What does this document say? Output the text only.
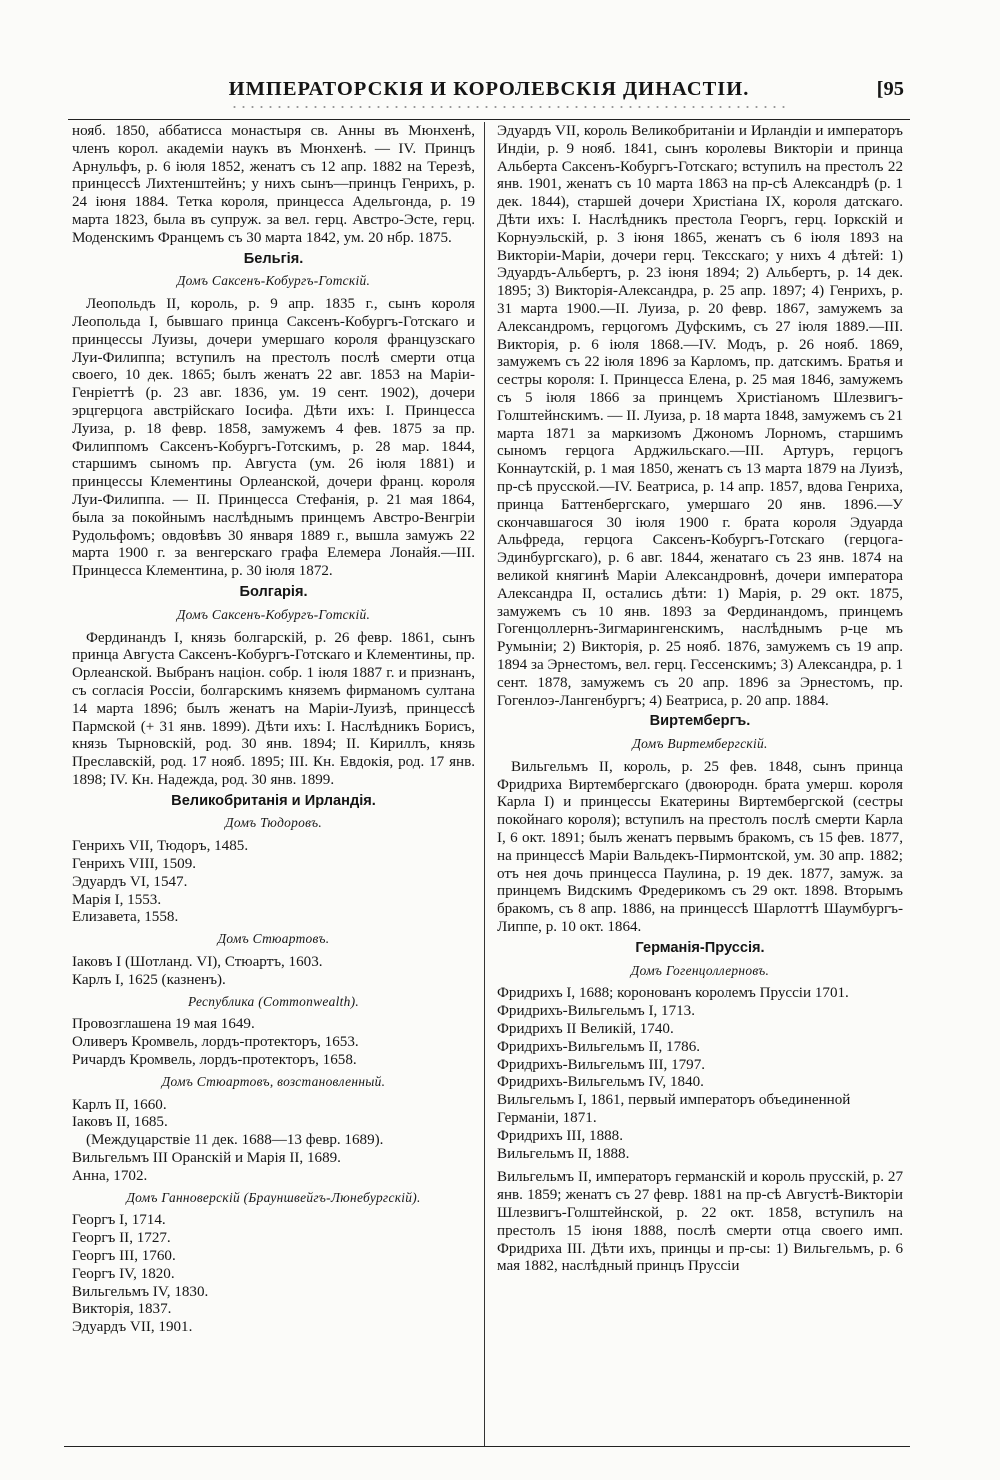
ИМПЕРАТОРСКІЯ И КОРОЛЕВСКІЯ ДИНАСТІИ.	[95

нояб. 1850, аббатисса монастыря св. Анны въ Мюнхенѣ, членъ корол. академіи наукъ въ Мюнхенѣ. — IV. Принцъ Арнульфъ, р. 6 іюля 1852, женатъ съ 12 апр. 1882 на Терезѣ, принцессѣ Лихтенштейнъ; у нихъ сынъ—принцъ Генрихъ, р. 24 іюня 1884. Тетка короля, принцесса Адельгонда, р. 19 марта 1823, была въ супруж. за вел. герц. Австро-Эсте, герц. Моденскимъ Францемъ съ 30 марта 1842, ум. 20 нбр. 1875.

Бельгія.
Домъ Саксенъ-Кобургъ-Готскій.

Леопольдъ II, король, р. 9 апр. 1835 г., сынъ короля Леопольда I, бывшаго принца Саксенъ-Кобургъ-Готскаго и принцессы Луизы, дочери умершаго короля французскаго Луи-Филиппа; вступилъ на престолъ послѣ смерти отца своего, 10 дек. 1865; былъ женатъ 22 авг. 1853 на Маріи-Генріеттѣ (р. 23 авг. 1836, ум. 19 сент. 1902), дочери эрцгерцога австрійскаго Іосифа. Дѣти ихъ: I. Принцесса Луиза, р. 18 февр. 1858, замужемъ 4 фев. 1875 за пр. Филиппомъ Саксенъ-Кобургъ-Готскимъ, р. 28 мар. 1844, старшимъ сыномъ пр. Августа (ум. 26 іюля 1881) и принцессы Клементины Орлеанской, дочери франц. короля Луи-Филиппа. — II. Принцесса Стефанія, р. 21 мая 1864, была за покойнымъ наслѣднымъ принцемъ Австро-Венгріи Рудольфомъ; овдовѣвъ 30 января 1889 г., вышла замужъ 22 марта 1900 г. за венгерскаго графа Елемера Лонайя.—III. Принцесса Клементина, р. 30 іюля 1872.

Болгарія.
Домъ Саксенъ-Кобургъ-Готскій.

Фердинандъ I, князь болгарскій, р. 26 февр. 1861, сынъ принца Августа Саксенъ-Кобургъ-Готскаго и Клементины, пр. Орлеанской. Выбранъ націон. собр. 1 іюля 1887 г. и признанъ, съ согласія Россіи, болгарскимъ княземъ фирманомъ султана 14 марта 1896; былъ женатъ на Маріи-Луизѣ, принцессѣ Пармской (+ 31 янв. 1899). Дѣти ихъ: I. Наслѣдникъ Борисъ, князь Тырновскій, род. 30 янв. 1894; II. Кириллъ, князь Преславскій, род. 17 нояб. 1895; III. Кн. Евдокія, род. 17 янв. 1898; IV. Кн. Надежда, род. 30 янв. 1899.

Великобританія и Ирландія.
Домъ Тюдоровъ.
Генрихъ VII, Тюдоръ, 1485.
Генрихъ VIII, 1509.
Эдуардъ VI, 1547.
Марія I, 1553.
Елизавета, 1558.
Домъ Стюартовъ.
Іаковъ I (Шотланд. VI), Стюартъ, 1603.
Карлъ I, 1625 (казненъ).
Республика (Commonwealth).
Провозглашена 19 мая 1649.
Оливеръ Кромвель, лордъ-протекторъ, 1653.
Ричардъ Кромвель, лордъ-протекторъ, 1658.
Домъ Стюартовъ, возстановленный.
Карлъ II, 1660.
Іаковъ II, 1685.
(Междуцарствіе 11 дек. 1688—13 февр. 1689).
Вильгельмъ III Оранскій и Марія II, 1689.
Анна, 1702.
Домъ Ганноверскій (Брауншвейгъ-Люнебургскій).
Георгъ I, 1714.
Георгъ II, 1727.
Георгъ III, 1760.
Георгъ IV, 1820.
Вильгельмъ IV, 1830.
Викторія, 1837.
Эдуардъ VII, 1901.

Эдуардъ VII, король Великобританіи и Ирландіи и императоръ Индіи, р. 9 нояб. 1841, сынъ королевы Викторіи и принца Альберта Саксенъ-Кобургъ-Готскаго; вступилъ на престолъ 22 янв. 1901, женатъ съ 10 марта 1863 на пр-сѣ Александрѣ (р. 1 дек. 1844), старшей дочери Христіана IX, короля датскаго. Дѣти ихъ: I. Наслѣдникъ престола Георгъ, герц. Іоркскій и Корнуэльскій, р. 3 іюня 1865, женатъ съ 6 іюля 1893 на Викторіи-Маріи, дочери герц. Тексскаго; у нихъ 4 дѣтей: 1) Эдуардъ-Альбертъ, р. 23 іюня 1894; 2) Альбертъ, р. 14 дек. 1895; 3) Викторія-Александра, р. 25 апр. 1897; 4) Генрихъ, р. 31 марта 1900.—II. Луиза, р. 20 февр. 1867, замужемъ за Александромъ, герцогомъ Дуфскимъ, съ 27 іюля 1889.—III. Викторія, р. 6 іюля 1868.—IV. Модъ, р. 26 нояб. 1869, замужемъ съ 22 іюля 1896 за Карломъ, пр. датскимъ. Братья и сестры короля: I. Принцесса Елена, р. 25 мая 1846, замужемъ съ 5 іюля 1866 за принцемъ Христіаномъ Шлезвигъ-Голштейнскимъ. — II. Луиза, р. 18 марта 1848, замужемъ съ 21 марта 1871 за маркизомъ Джономъ Лорномъ, старшимъ сыномъ герцога Арджильскаго.—III. Артуръ, герцогъ Коннаутскій, р. 1 мая 1850, женатъ съ 13 марта 1879 на Луизѣ, пр-сѣ прусской.—IV. Беатриса, р. 14 апр. 1857, вдова Генриха, принца Баттенбергскаго, умершаго 20 янв. 1896.—У скончавшагося 30 іюля 1900 г. брата короля Эдуарда Альфреда, герцога Саксенъ-Кобургъ-Готскаго (герцога-Эдинбургскаго), р. 6 авг. 1844, женатаго съ 23 янв. 1874 на великой княгинѣ Маріи Александровнѣ, дочери императора Александра II, остались дѣти: 1) Марія, р. 29 окт. 1875, замужемъ съ 10 янв. 1893 за Фердинандомъ, принцемъ Гогенцоллернъ-Зигмарингенскимъ, наслѣднымъ р-це мъ Румыніи; 2) Викторія, р. 25 нояб. 1876, замужемъ съ 19 апр. 1894 за Эрнестомъ, вел. герц. Гессенскимъ; 3) Александра, р. 1 сент. 1878, замужемъ съ 20 апр. 1896 за Эрнестомъ, пр. Гогенлоэ-Лангенбургъ; 4) Беатриса, р. 20 апр. 1884.

Виртембергъ.
Домъ Виртембергскій.

Вильгельмъ II, король, р. 25 фев. 1848, сынъ принца Фридриха Виртембергскаго (двоюродн. брата умерш. короля Карла I) и принцессы Екатерины Виртембергской (сестры покойнаго короля); вступилъ на престолъ послѣ смерти Карла I, 6 окт. 1891; былъ женатъ первымъ бракомъ, съ 15 фев. 1877, на принцессѣ Маріи Вальдекъ-Пирмонтской, ум. 30 апр. 1882; отъ нея дочь принцесса Паулина, р. 19 дек. 1877, замуж. за принцемъ Видскимъ Фредерикомъ съ 29 окт. 1898. Вторымъ бракомъ, съ 8 апр. 1886, на принцессѣ Шарлоттѣ Шаумбургъ-Липпе, р. 10 окт. 1864.

Германія-Пруссія.
Домъ Гогенцоллерновъ.
Фридрихъ I, 1688; коронованъ королемъ Пруссіи 1701.
Фридрихъ-Вильгельмъ I, 1713.
Фридрихъ II Великій, 1740.
Фридрихъ-Вильгельмъ II, 1786.
Фридрихъ-Вильгельмъ III, 1797.
Фридрихъ-Вильгельмъ IV, 1840.
Вильгельмъ I, 1861, первый императоръ объединенной Германіи, 1871.
Фридрихъ III, 1888.
Вильгельмъ II, 1888.

Вильгельмъ II, императоръ германскій и король прусскій, р. 27 янв. 1859; женатъ съ 27 февр. 1881 на пр-сѣ Августѣ-Викторіи Шлезвигъ-Голштейнской, р. 22 окт. 1858, вступилъ на престолъ 15 іюня 1888, послѣ смерти отца своего имп. Фридриха III. Дѣти ихъ, принцы и пр-сы: 1) Вильгельмъ, р. 6 мая 1882, наслѣдный принцъ Пруссіи
